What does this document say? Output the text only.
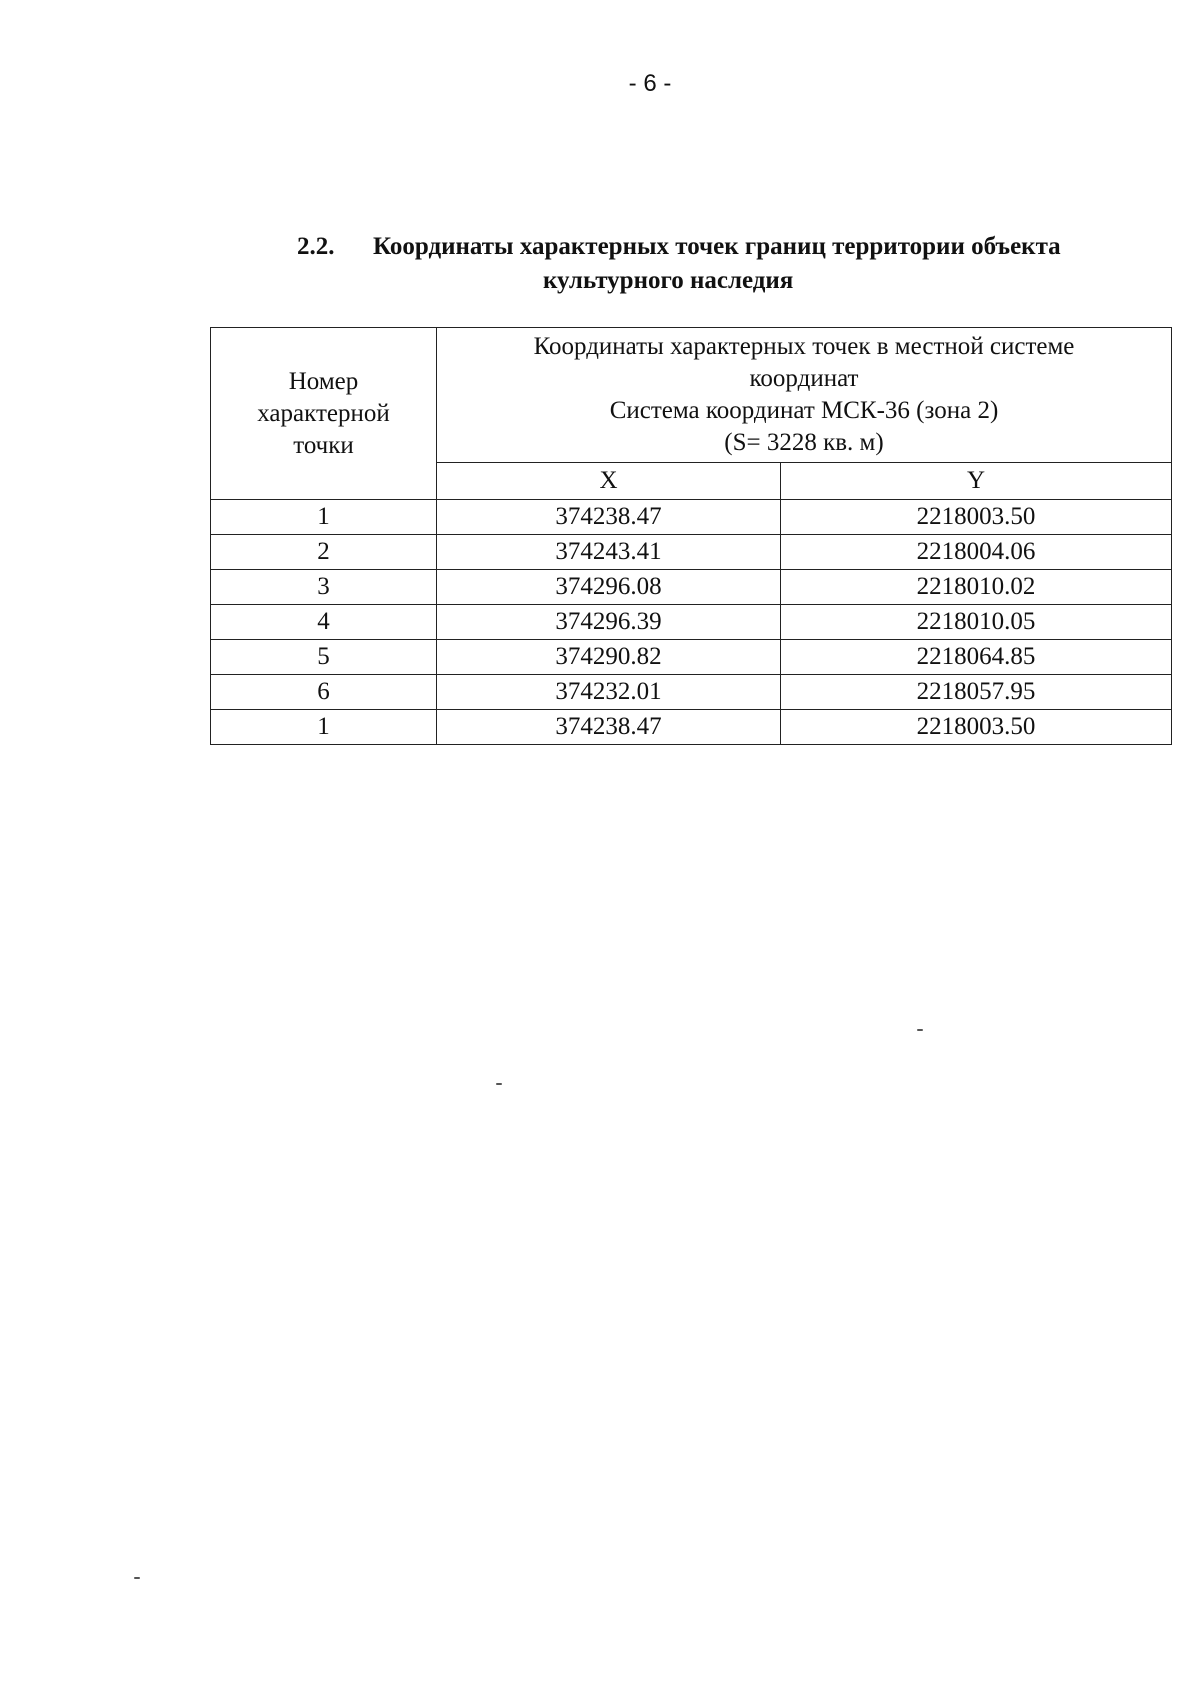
- 6 -
2.2.	Координаты характерных точек границ территории объекта
культурного наследия
Номер
характерной
точки	Координаты характерных точек в местной системе
координат
Система координат МСК-36 (зона 2)
(S= 3228 кв. м)	

	X	Y
1	374238.47	2218003.50
2	374243.41	2218004.06
3	374296.08	2218010.02
4	374296.39	2218010.05
5	374290.82	2218064.85
6	374232.01	2218057.95
1	374238.47	2218003.50
